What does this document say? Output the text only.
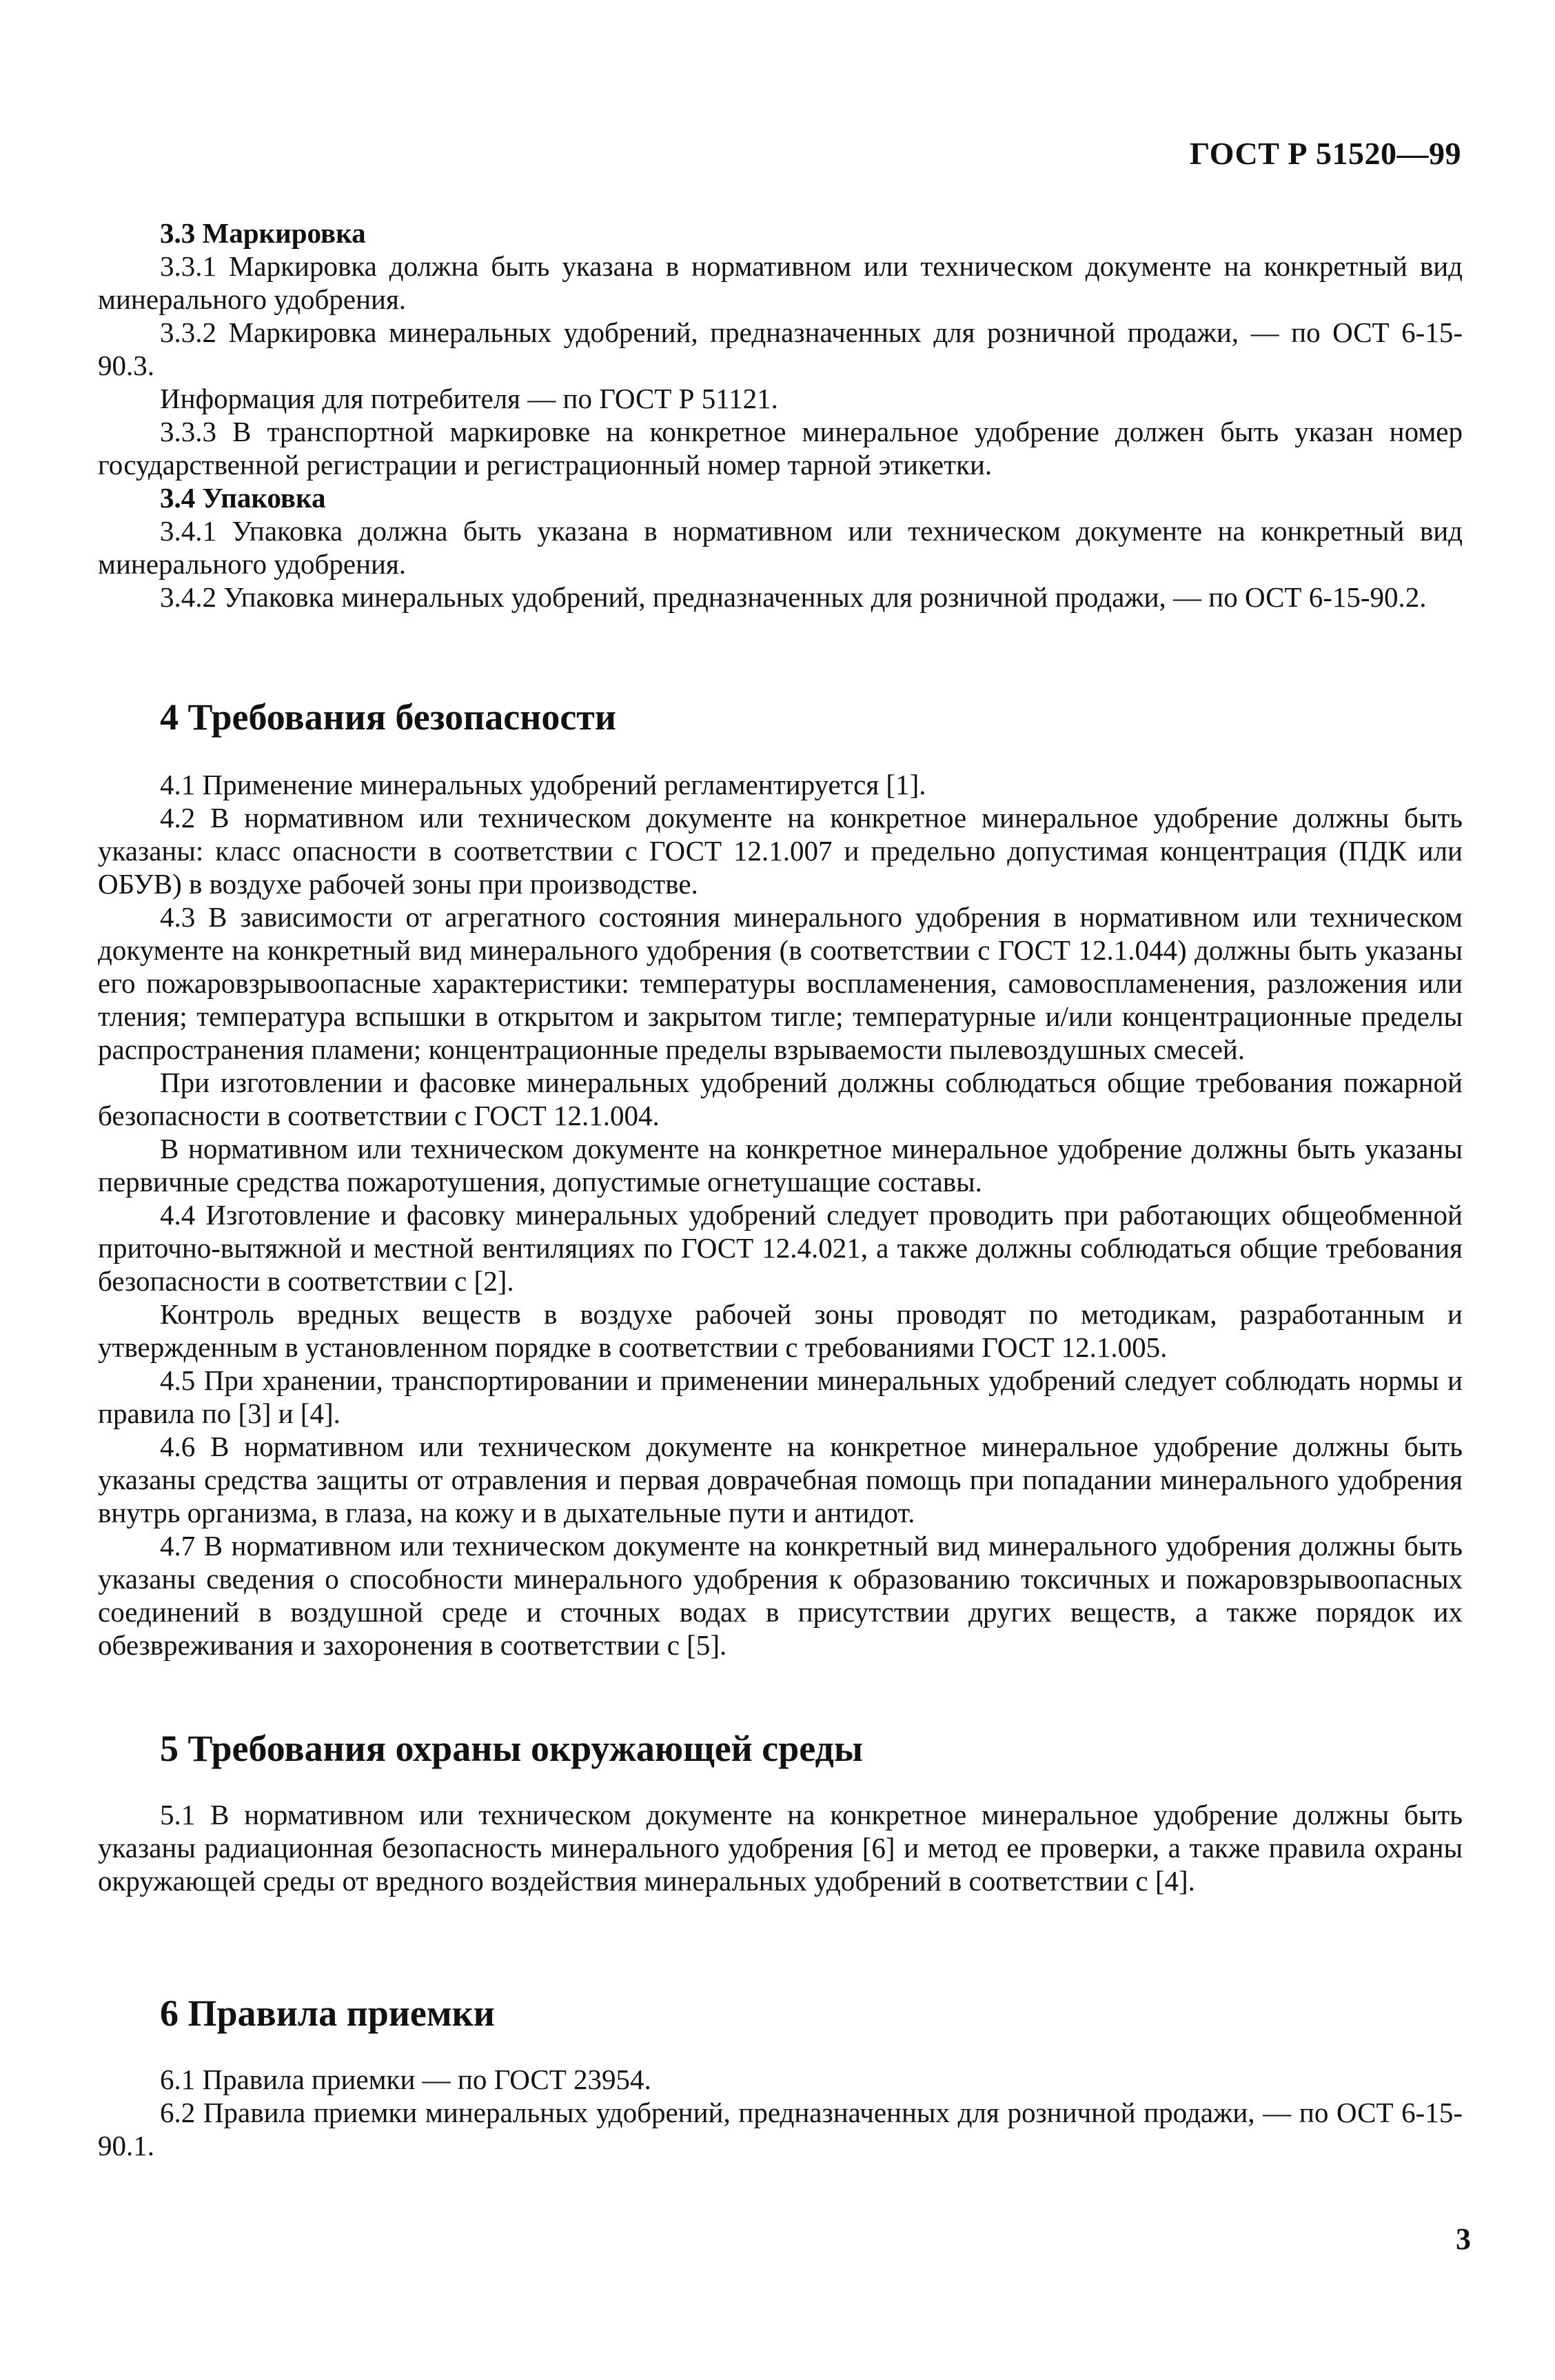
ГОСТ Р 51520—99
3.3 Маркировка

3.3.1 Маркировка должна быть указана в нормативном или техническом документе на конкретный вид минерального удобрения.

3.3.2 Маркировка минеральных удобрений, предназначенных для розничной продажи, — по ОСТ 6-15-90.3.

Информация для потребителя — по ГОСТ Р 51121.

3.3.3 В транспортной маркировке на конкретное минеральное удобрение должен быть указан номер государственной регистрации и регистрационный номер тарной этикетки.

3.4 Упаковка

3.4.1 Упаковка должна быть указана в нормативном или техническом документе на конкретный вид минерального удобрения.

3.4.2 Упаковка минеральных удобрений, предназначенных для розничной продажи, — по ОСТ 6-15-90.2.

4 Требования безопасности

4.1 Применение минеральных удобрений регламентируется [1].

4.2 В нормативном или техническом документе на конкретное минеральное удобрение должны быть указаны: класс опасности в соответствии с ГОСТ 12.1.007 и предельно допустимая концентрация (ПДК или ОБУВ) в воздухе рабочей зоны при производстве.

4.3 В зависимости от агрегатного состояния минерального удобрения в нормативном или техническом документе на конкретный вид минерального удобрения (в соответствии с ГОСТ 12.1.044) должны быть указаны его пожаровзрывоопасные характеристики: температуры воспламенения, самовоспламенения, разложения или тления; температура вспышки в открытом и закрытом тигле; температурные и/или концентрационные пределы распространения пламени; концентрационные пределы взрываемости пылевоздушных смесей.

При изготовлении и фасовке минеральных удобрений должны соблюдаться общие требования пожарной безопасности в соответствии с ГОСТ 12.1.004.

В нормативном или техническом документе на конкретное минеральное удобрение должны быть указаны первичные средства пожаротушения, допустимые огнетушащие составы.

4.4 Изготовление и фасовку минеральных удобрений следует проводить при работающих общеобменной приточно-вытяжной и местной вентиляциях по ГОСТ 12.4.021, а также должны соблюдаться общие требования безопасности в соответствии с [2].

Контроль вредных веществ в воздухе рабочей зоны проводят по методикам, разработанным и утвержденным в установленном порядке в соответствии с требованиями ГОСТ 12.1.005.

4.5 При хранении, транспортировании и применении минеральных удобрений следует соблюдать нормы и правила по [3] и [4].

4.6 В нормативном или техническом документе на конкретное минеральное удобрение должны быть указаны средства защиты от отравления и первая доврачебная помощь при попадании минерального удобрения внутрь организма, в глаза, на кожу и в дыхательные пути и антидот.

4.7 В нормативном или техническом документе на конкретный вид минерального удобрения должны быть указаны сведения о способности минерального удобрения к образованию токсичных и пожаровзрывоопасных соединений в воздушной среде и сточных водах в присутствии других веществ, а также порядок их обезвреживания и захоронения в соответствии с [5].

5 Требования охраны окружающей среды

5.1 В нормативном или техническом документе на конкретное минеральное удобрение должны быть указаны радиационная безопасность минерального удобрения [6] и метод ее проверки, а также правила охраны окружающей среды от вредного воздействия минеральных удобрений в соответствии с [4].

6 Правила приемки

6.1 Правила приемки — по ГОСТ 23954.

6.2 Правила приемки минеральных удобрений, предназначенных для розничной продажи, — по ОСТ 6-15-90.1.

3
